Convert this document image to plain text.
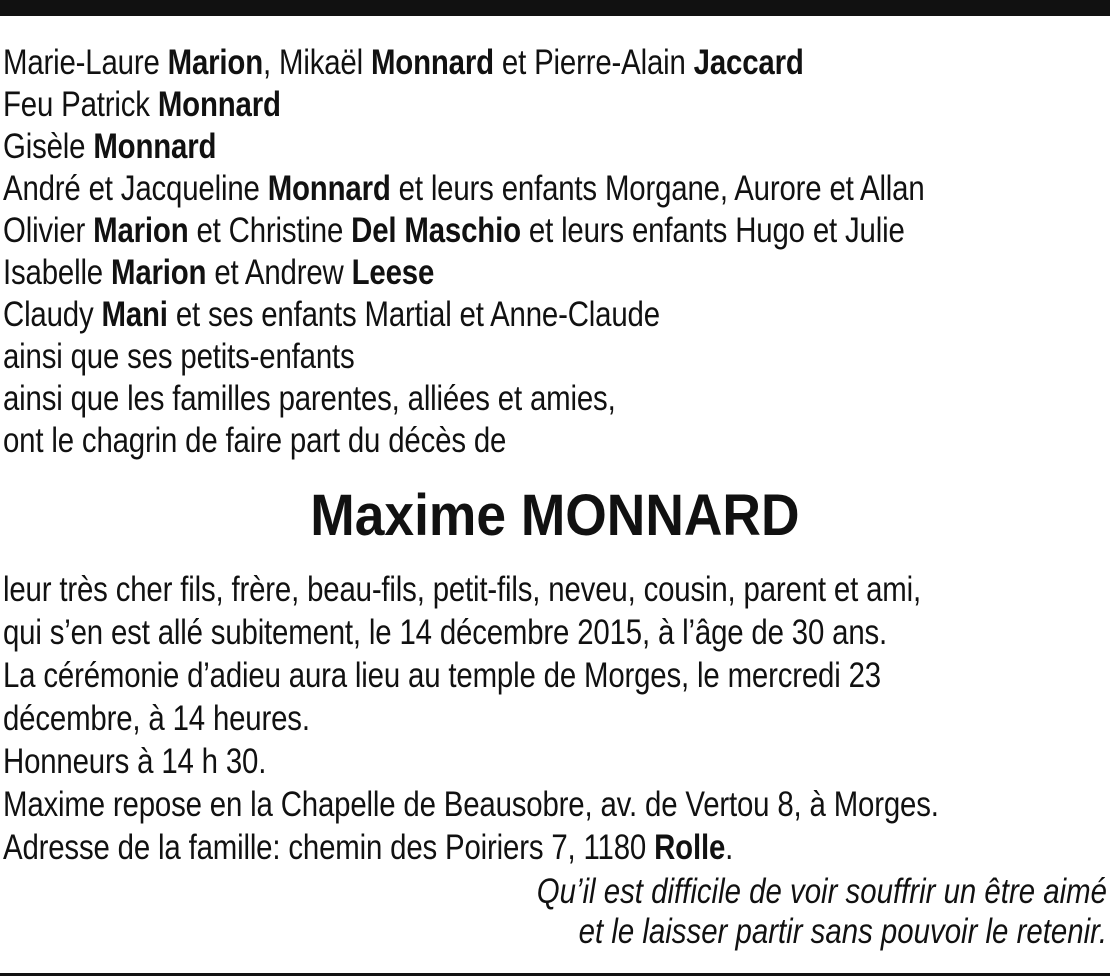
Marie-Laure Marion, Mikaël Monnard et Pierre-Alain Jaccard
Feu Patrick Monnard
Gisèle Monnard
André et Jacqueline Monnard et leurs enfants Morgane, Aurore et Allan
Olivier Marion et Christine Del Maschio et leurs enfants Hugo et Julie
Isabelle Marion et Andrew Leese
Claudy Mani et ses enfants Martial et Anne-Claude
ainsi que ses petits-enfants
ainsi que les familles parentes, alliées et amies,
ont le chagrin de faire part du décès de
Maxime MONNARD
leur très cher fils, frère, beau-fils, petit-fils, neveu, cousin, parent et ami,
qui s’en est allé subitement, le 14 décembre 2015, à l’âge de 30 ans.
La cérémonie d’adieu aura lieu au temple de Morges, le mercredi 23
décembre, à 14 heures.
Honneurs à 14 h 30.
Maxime repose en la Chapelle de Beausobre, av. de Vertou 8, à Morges.
Adresse de la famille: chemin des Poiriers 7, 1180 Rolle.
Qu’il est difficile de voir souffrir un être aimé
et le laisser partir sans pouvoir le retenir.
